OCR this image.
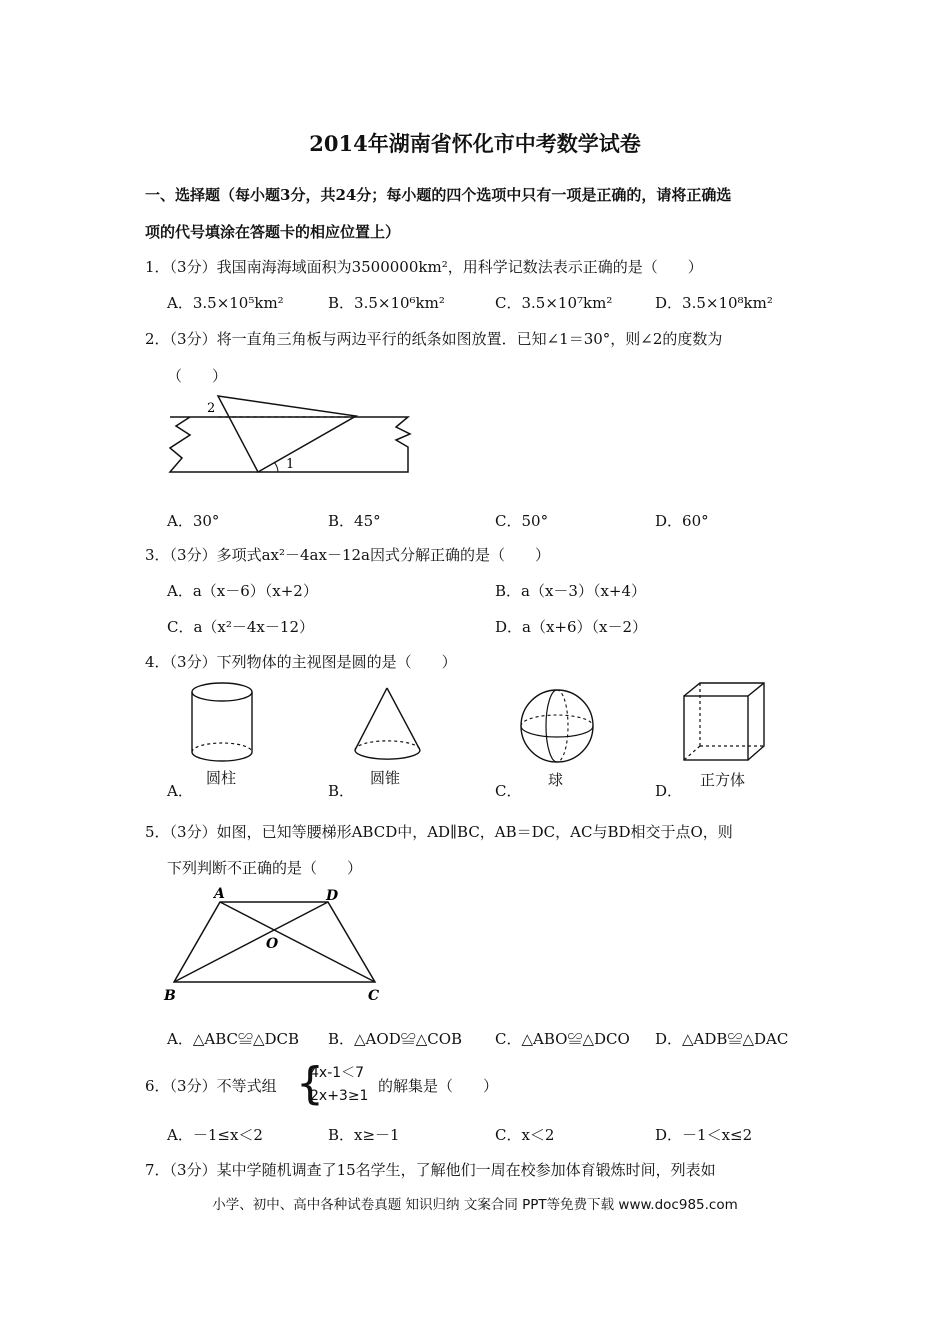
2014年湖南省怀化市中考数学试卷
一、选择题（每小题3分，共24分；每小题的四个选项中只有一项是正确的，请将正确选
项的代号填涂在答题卡的相应位置上）
1．（3分）我国南海海域面积为3500000km²，用科学记数法表示正确的是（　　）
A．3.5×10⁵km²	B．3.5×10⁶km²	C．3.5×10⁷km²	D．3.5×10⁸km²
2．（3分）将一直角三角板与两边平行的纸条如图放置．已知∠1＝30°，则∠2的度数为
（　　）
2
1
A．30°	B．45°	C．50°	D．60°
3．（3分）多项式ax²－4ax－12a因式分解正确的是（　　）
A．a（x－6）（x+2）	B．a（x－3）（x+4）
C．a（x²－4x－12）	D．a（x+6）（x－2）
4．（3分）下列物体的主视图是圆的是（　　）
圆柱
A．
圆锥
B．
球
C．
正方体
D．
5．（3分）如图，已知等腰梯形ABCD中，AD∥BC，AB＝DC，AC与BD相交于点O，则
下列判断不正确的是（　　）
A	D
O
B	C
A．△ABC≌△DCB B．△AOD≌△COB C．△ABO≌△DCO D．△ADB≌△DAC
6．（3分）不等式组 {
4x-1＜7
2x+3≥1
的解集是（　　）
A．－1≤x＜2	B．x≥－1	C．x＜2	D．－1＜x≤2
7．（3分）某中学随机调查了15名学生，了解他们一周在校参加体育锻炼时间，列表如
小学、初中、高中各种试卷真题 知识归纳 文案合同 PPT等免费下载 www.doc985.com
